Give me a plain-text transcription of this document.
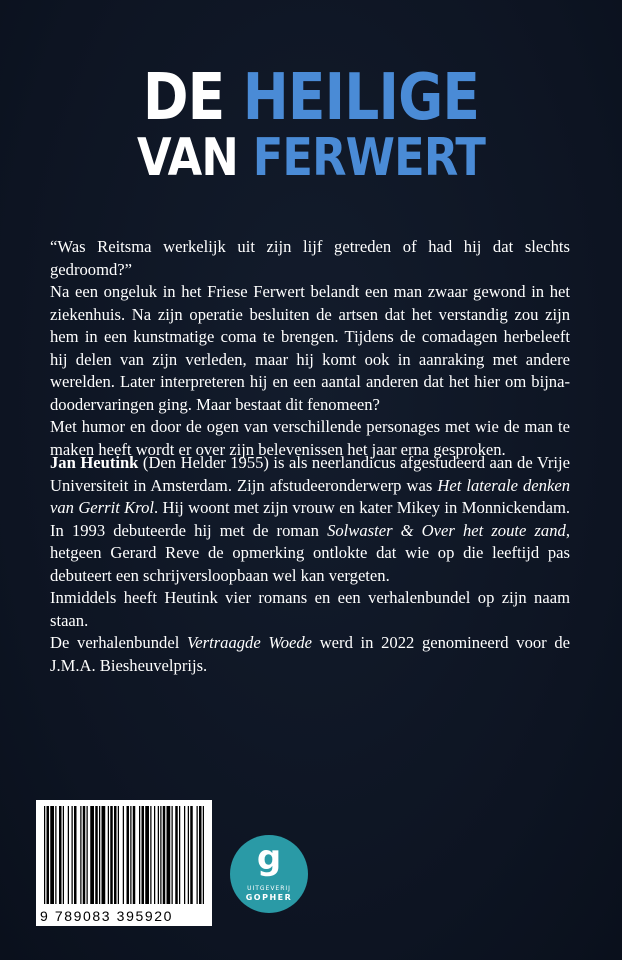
DE HEILIGE
VAN FERWERT

“Was Reitsma werkelijk uit zijn lijf getreden of had hij dat slechts gedroomd?”

Na een ongeluk in het Friese Ferwert belandt een man zwaar gewond in het ziekenhuis. Na zijn operatie besluiten de artsen dat het verstandig zou zijn hem in een kunstmatige coma te brengen. Tijdens de comadagen herbeleeft hij delen van zijn verleden, maar hij komt ook in aanraking met andere werelden. Later interpreteren hij en een aantal anderen dat het hier om bijna-doodervaringen ging. Maar bestaat dit fenomeen?

Met humor en door de ogen van verschillende personages met wie de man te maken heeft wordt er over zijn belevenissen het jaar erna gesproken.

Jan Heutink (Den Helder 1955) is als neerlandicus afgestudeerd aan de Vrije Universiteit in Amsterdam. Zijn afstudeeronderwerp was Het laterale denken van Gerrit Krol. Hij woont met zijn vrouw en kater Mikey in Monnickendam. In 1993 debuteerde hij met de roman Solwaster & Over het zoute zand, hetgeen Gerard Reve de opmerking ontlokte dat wie op die leeftijd pas debuteert een schrijversloopbaan wel kan vergeten.

Inmiddels heeft Heutink vier romans en een verhalenbundel op zijn naam staan.

De verhalenbundel Vertraagde Woede werd in 2022 genomineerd voor de J.M.A. Biesheuvelprijs.

9 789083 395920
g
UITGEVERIJ
GOPHER
